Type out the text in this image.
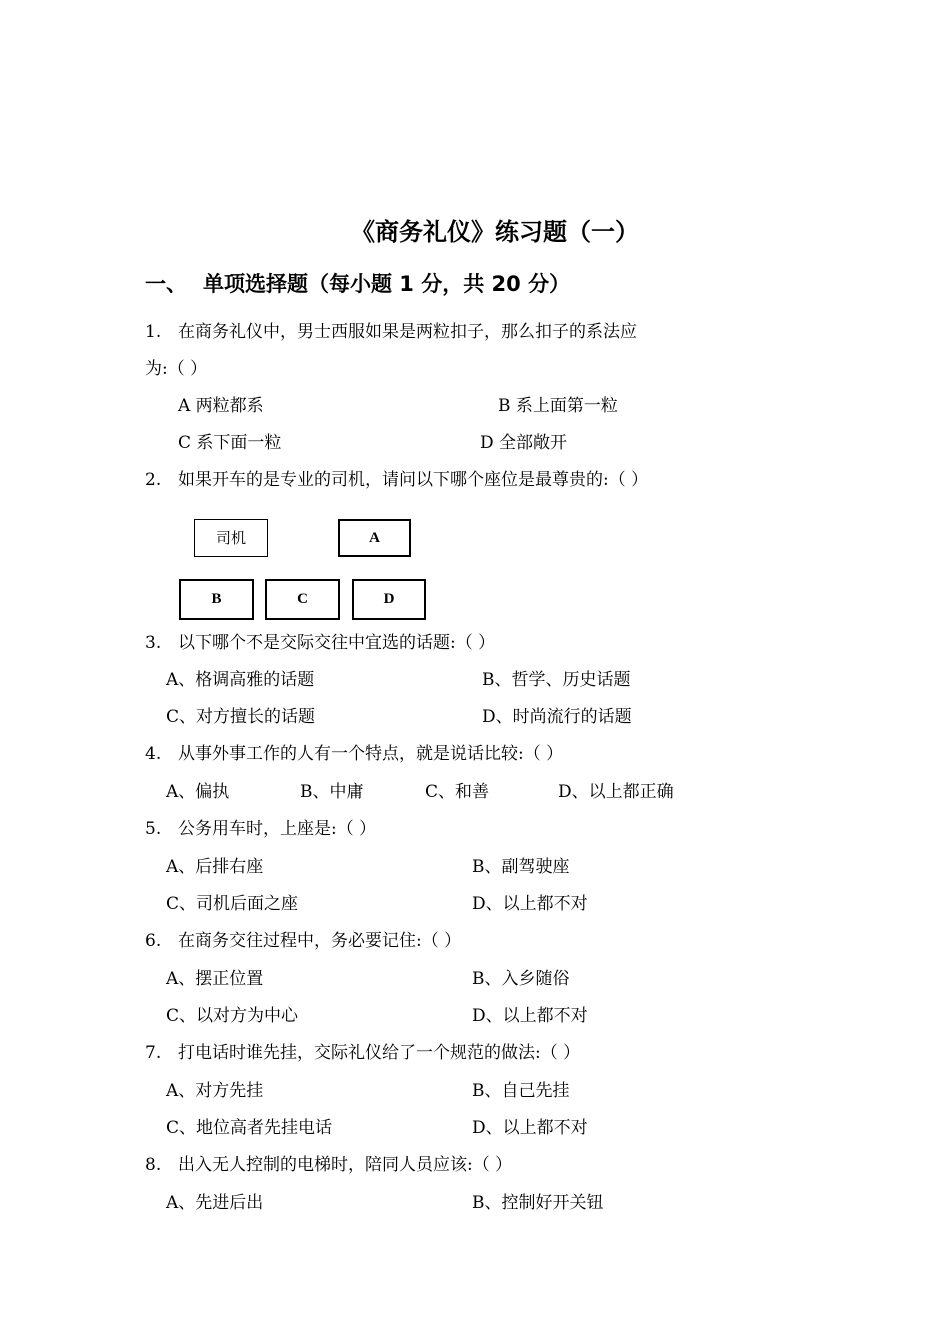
《商务礼仪》练习题（一）
一、 单项选择题（每小题 1 分，共 20 分）
1. 在商务礼仪中，男士西服如果是两粒扣子，那么扣子的系法应
为:（ ）
A 两粒都系	B 系上面第一粒
C 系下面一粒	D 全部敞开
2. 如果开车的是专业的司机，请问以下哪个座位是最尊贵的:（ ）
司机	A
B	C	D
3. 以下哪个不是交际交往中宜选的话题:（ ）
A、格调高雅的话题	B、哲学、历史话题
C、对方擅长的话题	D、时尚流行的话题
4. 从事外事工作的人有一个特点，就是说话比较:（ ）
A、偏执	B、中庸	C、和善	D、以上都正确
5. 公务用车时，上座是:（ ）
A、后排右座	B、副驾驶座
C、司机后面之座	D、以上都不对
6. 在商务交往过程中，务必要记住:（ ）
A、摆正位置	B、入乡随俗
C、以对方为中心	D、以上都不对
7. 打电话时谁先挂，交际礼仪给了一个规范的做法:（ ）
A、对方先挂	B、自己先挂
C、地位高者先挂电话	D、以上都不对
8. 出入无人控制的电梯时，陪同人员应该:（ ）
A、先进后出	B、控制好开关钮
